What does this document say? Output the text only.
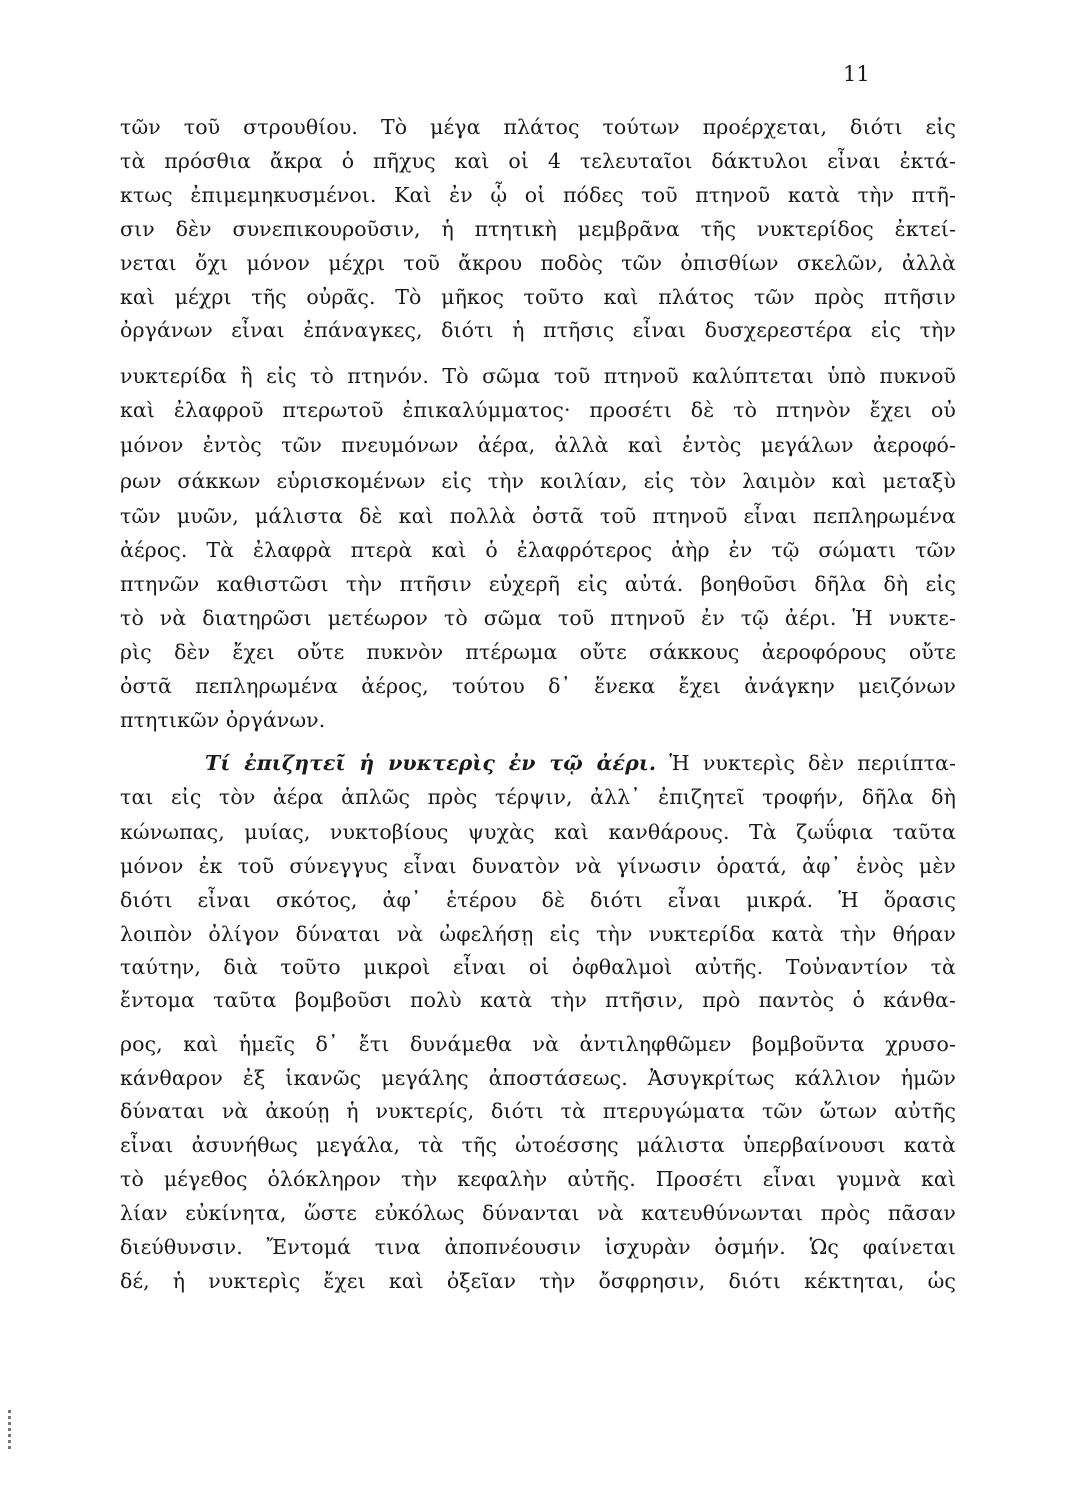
11
τῶν τοῦ στρουθίου. Τὸ μέγα πλάτος τούτων προέρχεται, διότι εἰς
τὰ πρόσθια ἄκρα ὁ πῆχυς καὶ οἱ 4 τελευταῖοι δάκτυλοι εἶναι ἐκτά-
κτως ἐπιμεμηκυσμένοι. Καὶ ἐν ᾧ οἱ πόδες τοῦ πτηνοῦ κατὰ τὴν πτῆ-
σιν δὲν συνεπικουροῦσιν, ἡ πτητικὴ μεμβρᾶνα τῆς νυκτερίδος ἐκτεί-
νεται ὄχι μόνον μέχρι τοῦ ἄκρου ποδὸς τῶν ὀπισθίων σκελῶν, ἀλλὰ
καὶ μέχρι τῆς οὐρᾶς. Τὸ μῆκος τοῦτο καὶ πλάτος τῶν πρὸς πτῆσιν
ὀργάνων εἶναι ἐπάναγκες, διότι ἡ πτῆσις εἶναι δυσχερεστέρα εἰς τὴν
νυκτερίδα ἢ εἰς τὸ πτηνόν. Τὸ σῶμα τοῦ πτηνοῦ καλύπτεται ὑπὸ πυκνοῦ
καὶ ἐλαφροῦ πτερωτοῦ ἐπικαλύμματος· προσέτι δὲ τὸ πτηνὸν ἔχει οὐ
μόνον ἐντὸς τῶν πνευμόνων ἀέρα, ἀλλὰ καὶ ἐντὸς μεγάλων ἀεροφό-
ρων σάκκων εὑρισκομένων εἰς τὴν κοιλίαν, εἰς τὸν λαιμὸν καὶ μεταξὺ
τῶν μυῶν, μάλιστα δὲ καὶ πολλὰ ὀστᾶ τοῦ πτηνοῦ εἶναι πεπληρωμένα
ἀέρος. Τὰ ἐλαφρὰ πτερὰ καὶ ὁ ἐλαφρότερος ἀὴρ ἐν τῷ σώματι τῶν
πτηνῶν καθιστῶσι τὴν πτῆσιν εὐχερῆ εἰς αὐτά. βοηθοῦσι δῆλα δὴ εἰς
τὸ νὰ διατηρῶσι μετέωρον τὸ σῶμα τοῦ πτηνοῦ ἐν τῷ ἀέρι. Ἡ νυκτε-
ρὶς δὲν ἔχει οὔτε πυκνὸν πτέρωμα οὔτε σάκκους ἀεροφόρους οὔτε
ὀστᾶ πεπληρωμένα ἀέρος, τούτου δ᾽ ἕνεκα ἔχει ἀνάγκην μειζόνων
πτητικῶν ὀργάνων.
Τί ἐπιζητεῖ ἡ νυκτερὶς ἐν τῷ ἀέρι. Ἡ νυκτερὶς δὲν περιίπτα-
ται εἰς τὸν ἀέρα ἁπλῶς πρὸς τέρψιν, ἀλλ᾽ ἐπιζητεῖ τροφήν, δῆλα δὴ
κώνωπας, μυίας, νυκτοβίους ψυχὰς καὶ κανθάρους. Τὰ ζωΰφια ταῦτα
μόνον ἐκ τοῦ σύνεγγυς εἶναι δυνατὸν νὰ γίνωσιν ὁρατά, ἀφ᾽ ἑνὸς μὲν
διότι εἶναι σκότος, ἀφ᾽ ἑτέρου δὲ διότι εἶναι μικρά. Ἡ ὅρασις
λοιπὸν ὀλίγον δύναται νὰ ὠφελήσῃ εἰς τὴν νυκτερίδα κατὰ τὴν θήραν
ταύτην, διὰ τοῦτο μικροὶ εἶναι οἱ ὀφθαλμοὶ αὐτῆς. Τοὐναντίον τὰ
ἔντομα ταῦτα βομβοῦσι πολὺ κατὰ τὴν πτῆσιν, πρὸ παντὸς ὁ κάνθα-
ρος, καὶ ἡμεῖς δ᾽ ἔτι δυνάμεθα νὰ ἀντιληφθῶμεν βομβοῦντα χρυσο-
κάνθαρον ἐξ ἱκανῶς μεγάλης ἀποστάσεως. Ἀσυγκρίτως κάλλιον ἡμῶν
δύναται νὰ ἀκούῃ ἡ νυκτερίς, διότι τὰ πτερυγώματα τῶν ὤτων αὐτῆς
εἶναι ἀσυνήθως μεγάλα, τὰ τῆς ὠτοέσσης μάλιστα ὑπερβαίνουσι κατὰ
τὸ μέγεθος ὁλόκληρον τὴν κεφαλὴν αὐτῆς. Προσέτι εἶναι γυμνὰ καὶ
λίαν εὐκίνητα, ὥστε εὐκόλως δύνανται νὰ κατευθύνωνται πρὸς πᾶσαν
διεύθυνσιν. Ἔντομά τινα ἀποπνέουσιν ἰσχυρὰν ὀσμήν. Ὡς φαίνεται
δέ, ἡ νυκτερὶς ἔχει καὶ ὀξεῖαν τὴν ὄσφρησιν, διότι κέκτηται, ὡς
